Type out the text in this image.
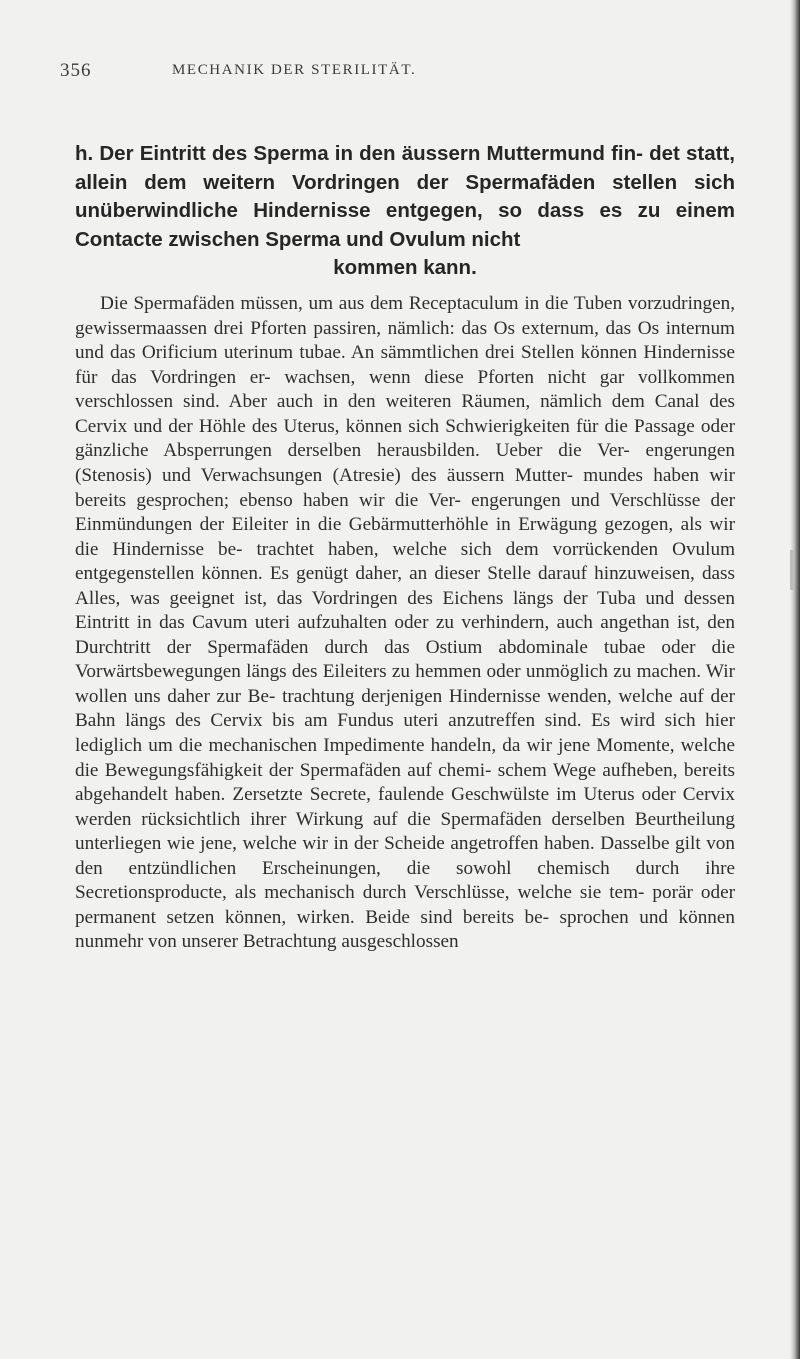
356	MECHANIK DER STERILITÄT.
h. Der Eintritt des Sperma in den äussern Muttermund fin- det statt, allein dem weitern Vordringen der Spermafäden stellen sich unüberwindliche Hindernisse entgegen, so dass es zu einem Contacte zwischen Sperma und Ovulum nicht
kommen kann.

Die Spermafäden müssen, um aus dem Receptaculum in die Tuben vorzudringen, gewissermaassen drei Pforten passiren, nämlich: das Os externum, das Os internum und das Orificium uterinum tubae. An sämmtlichen drei Stellen können Hindernisse für das Vordringen er- wachsen, wenn diese Pforten nicht gar vollkommen verschlossen sind. Aber auch in den weiteren Räumen, nämlich dem Canal des Cervix und der Höhle des Uterus, können sich Schwierigkeiten für die Passage oder gänzliche Absperrungen derselben herausbilden. Ueber die Ver- engerungen (Stenosis) und Verwachsungen (Atresie) des äussern Mutter- mundes haben wir bereits gesprochen; ebenso haben wir die Ver- engerungen und Verschlüsse der Einmündungen der Eileiter in die Gebärmutterhöhle in Erwägung gezogen, als wir die Hindernisse be- trachtet haben, welche sich dem vorrückenden Ovulum entgegenstellen können. Es genügt daher, an dieser Stelle darauf hinzuweisen, dass Alles, was geeignet ist, das Vordringen des Eichens längs der Tuba und dessen Eintritt in das Cavum uteri aufzuhalten oder zu verhindern, auch angethan ist, den Durchtritt der Spermafäden durch das Ostium abdominale tubae oder die Vorwärtsbewegungen längs des Eileiters zu hemmen oder unmöglich zu machen. Wir wollen uns daher zur Be- trachtung derjenigen Hindernisse wenden, welche auf der Bahn längs des Cervix bis am Fundus uteri anzutreffen sind. Es wird sich hier lediglich um die mechanischen Impedimente handeln, da wir jene Momente, welche die Bewegungsfähigkeit der Spermafäden auf chemi- schem Wege aufheben, bereits abgehandelt haben. Zersetzte Secrete, faulende Geschwülste im Uterus oder Cervix werden rücksichtlich ihrer Wirkung auf die Spermafäden derselben Beurtheilung unterliegen wie jene, welche wir in der Scheide angetroffen haben. Dasselbe gilt von den entzündlichen Erscheinungen, die sowohl chemisch durch ihre Secretionsproducte, als mechanisch durch Verschlüsse, welche sie tem- porär oder permanent setzen können, wirken. Beide sind bereits be- sprochen und können nunmehr von unserer Betrachtung ausgeschlossen
